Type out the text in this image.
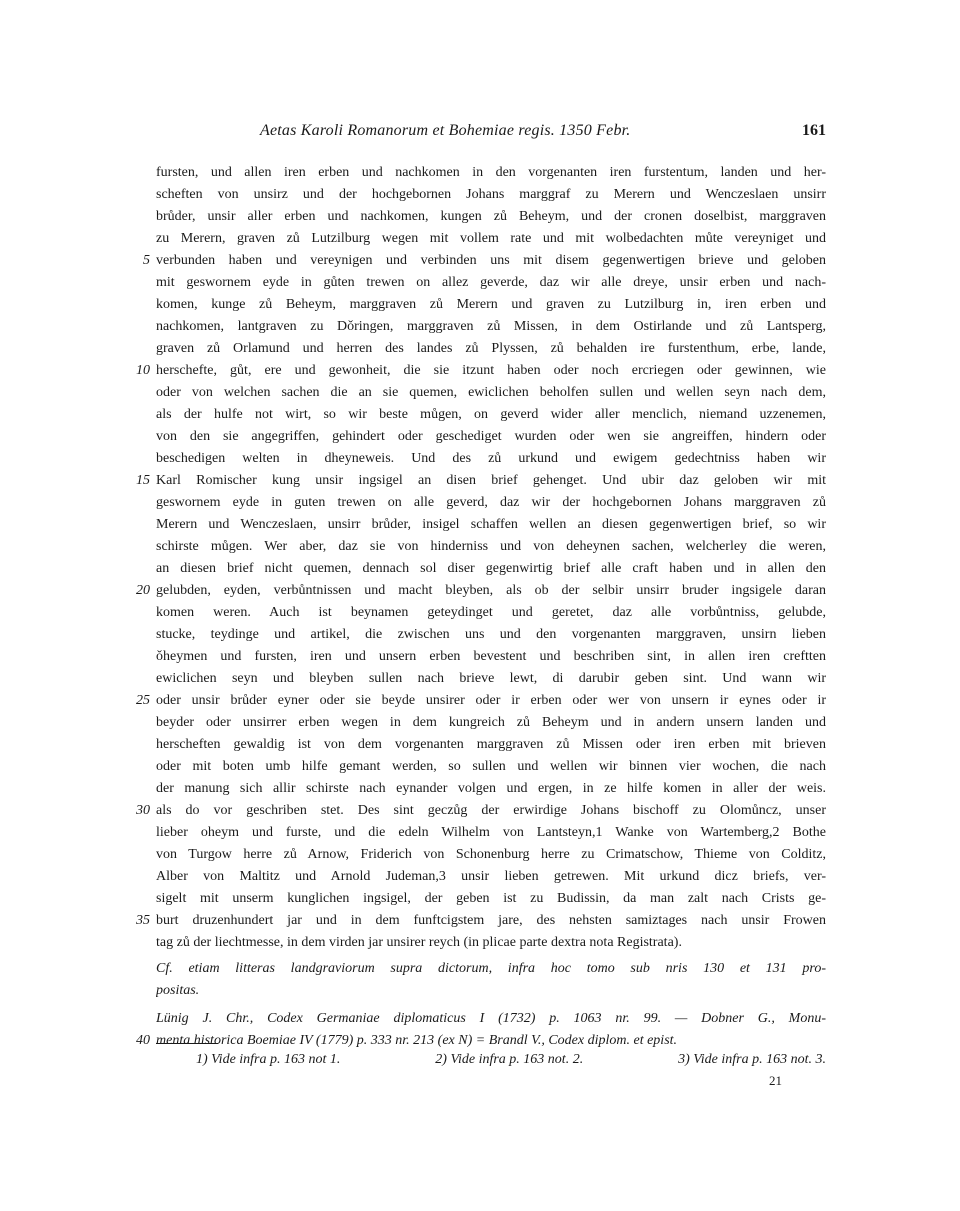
Aetas Karoli Romanorum et Bohemiae regis. 1350 Febr.	161
fursten, und allen iren erben und nachkomen in den vorgenanten iren furstentum, landen und her-
scheften von unsirz und der hochgebornen Johans marggraf zu Merern und Wenczeslaen unsirr
brůder, unsir aller erben und nachkomen, kungen zů Beheym, und der cronen doselbist, marggraven
zu Merern, graven zů Lutzilburg wegen mit vollem rate und mit wolbedachten můte vereyniget und
verbunden haben und vereynigen und verbinden uns mit disem gegenwertigen brieve und geloben
5
mit geswornem eyde in gůten trewen on allez geverde, daz wir alle dreye, unsir erben und nach-
komen, kunge zů Beheym, marggraven zů Merern und graven zu Lutzilburg in, iren erben und
nachkomen, lantgraven zu Dǒringen, marggraven zů Missen, in dem Ostirlande und zů Lantsperg,
graven zů Orlamund und herren des landes zů Plyssen, zů behalden ire furstenthum, erbe, lande,
herschefte, gůt, ere und gewonheit, die sie itzunt haben oder noch ercriegen oder gewinnen, wie
10
oder von welchen sachen die an sie quemen, ewiclichen beholfen sullen und wellen seyn nach dem,
als der hulfe not wirt, so wir beste můgen, on geverd wider aller menclich, niemand uzzenemen,
von den sie angegriffen, gehindert oder geschediget wurden oder wen sie angreiffen, hindern oder
beschedigen welten in dheyneweis. Und des zů urkund und ewigem gedechtniss haben wir
Karl Romischer kung unsir ingsigel an disen brief gehenget. Und ubir daz geloben wir mit
15
geswornem eyde in guten trewen on alle geverd, daz wir der hochgebornen Johans marggraven zů
Merern und Wenczeslaen, unsirr brůder, insigel schaffen wellen an diesen gegenwertigen brief, so wir
schirste můgen. Wer aber, daz sie von hinderniss und von deheynen sachen, welcherley die weren,
an diesen brief nicht quemen, dennach sol diser gegenwirtig brief alle craft haben und in allen den
gelubden, eyden, verbůntnissen und macht bleyben, als ob der selbir unsirr bruder ingsigele daran
20
komen weren. Auch ist beynamen geteydinget und geretet, daz alle vorbůntniss, gelubde,
stucke, teydinge und artikel, die zwischen uns und den vorgenanten marggraven, unsirn lieben
ǒheymen und fursten, iren und unsern erben bevestent und beschriben sint, in allen iren creftten
ewiclichen seyn und bleyben sullen nach brieve lewt, di darubir geben sint. Und wann wir
oder unsir brůder eyner oder sie beyde unsirer oder ir erben oder wer von unsern ir eynes oder ir
25
beyder oder unsirrer erben wegen in dem kungreich zů Beheym und in andern unsern landen und
herscheften gewaldig ist von dem vorgenanten marggraven zů Missen oder iren erben mit brieven
oder mit boten umb hilfe gemant werden, so sullen und wellen wir binnen vier wochen, die nach
der manung sich allir schirste nach eynander volgen und ergen, in ze hilfe komen in aller der weis.
als do vor geschriben stet. Des sint geczůg der erwirdige Johans bischoff zu Olomůncz, unser
30
lieber oheym und furste, und die edeln Wilhelm von Lantsteyn,1 Wanke von Wartemberg,2 Bothe
von Turgow herre zů Arnow, Friderich von Schonenburg herre zu Crimatschow, Thieme von Colditz,
Alber von Maltitz und Arnold Judeman,3 unsir lieben getrewen. Mit urkund dicz briefs, ver-
sigelt mit unserm kunglichen ingsigel, der geben ist zu Budissin, da man zalt nach Crists ge-
burt druzenhundert jar und in dem funftcigstem jare, des nehsten samiztages nach unsir Frowen
35
tag zů der liechtmesse, in dem virden jar unsirer reych (in plicae parte dextra nota Registrata).
Cf. etiam litteras landgraviorum supra dictorum, infra hoc tomo sub nris 130 et 131 pro-
positas.
Lünig J. Chr., Codex Germaniae diplomaticus I (1732) p. 1063 nr. 99. — Dobner G., Monu-
menta historica Boemiae IV (1779) p. 333 nr. 213 (ex N) = Brandl V., Codex diplom. et epist.
40
1) Vide infra p. 163 not 1.	2) Vide infra p. 163 not. 2.	3) Vide infra p. 163 not. 3.
21
